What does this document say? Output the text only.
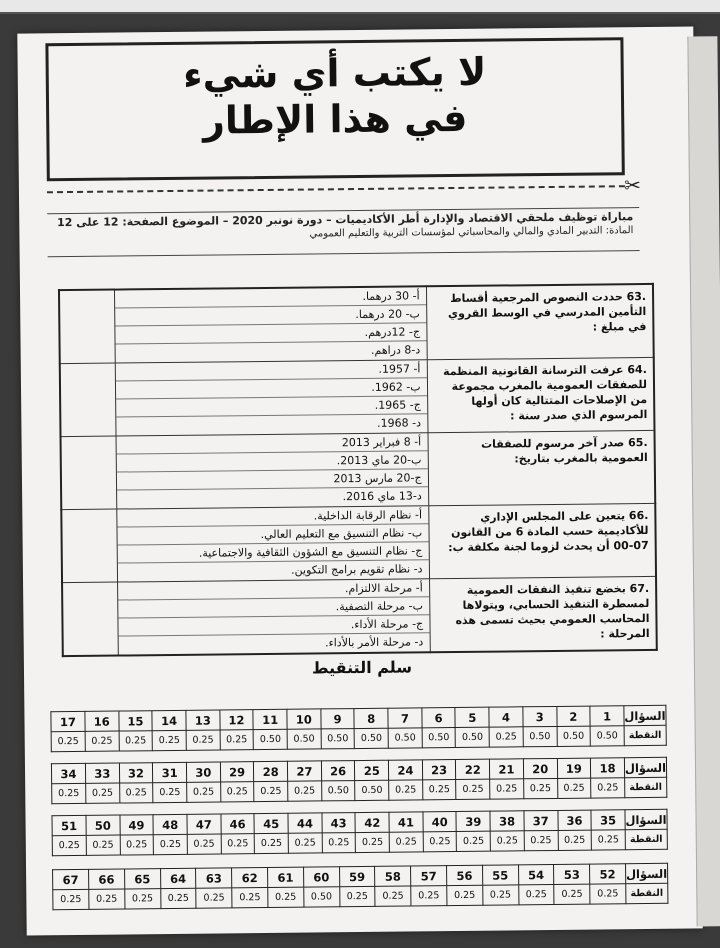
لا يكتب أي شيء
في هذا الإطار
✂
مباراة توظيف ملحقي الاقتصاد والإدارة أطر الأكاديميات – دورة نونبر 2020 – الموضوع الصفحة: 12 على 12
المادة: التدبير المادي والمالي والمحاسباتي لمؤسسات التربية والتعليم العمومي
.63 حددت النصوص المرجعية أقساط التأمين المدرسي في الوسط القروي في مبلغ :	أ- 30 درهما.
ب- 20 درهما.
ج- 12درهم.
د-8 دراهم.	

.64 عرفت الترسانة القانونية المنظمة للصفقات العمومية بالمغرب مجموعة من الإصلاحات المتتالية كان أولها المرسوم الذي صدر سنة :	أ- 1957.
ب- 1962.
ج- 1965.
د- 1968.	

.65 صدر آخر مرسوم للصفقات العمومية بالمغرب بتاريخ:	أ- 8 فبراير 2013
ب-20 ماي 2013.
ج-20 مارس 2013
د-13 ماي 2016.	

.66 يتعين على المجلس الإداري للأكاديمية حسب المادة 6 من القانون 07-00 أن يحدث لزوما لجنة مكلفة ب:	أ- نظام الرقابة الداخلية.
ب- نظام التنسيق مع التعليم العالي.
ج- نظام التنسيق مع الشؤون الثقافية والاجتماعية.
د- نظام تقويم برامج التكوين.	

.67 بخضع تنفيذ النفقات العمومية لمسطرة التنفيذ الحسابي، ويتولاها المحاسب العمومي بحيث تسمى هذه المرحلة :	أ- مرحلة الالتزام.
ب- مرحلة التصفية.
ج- مرحلة الأداء.
د- مرحلة الأمر بالأداء.	

سلم التنقيط
السؤال	1	2	3	4	5	6	7	8	9	10	11	12	13	14	15	16	17
النقطة	0.50	0.50	0.50	0.25	0.50	0.50	0.50	0.50	0.50	0.50	0.50	0.25	0.25	0.25	0.25	0.25	0.25
السؤال	18	19	20	21	22	23	24	25	26	27	28	29	30	31	32	33	34
النقطة	0.25	0.25	0.25	0.25	0.25	0.25	0.25	0.50	0.50	0.25	0.25	0.25	0.25	0.25	0.25	0.25	0.25
السؤال	35	36	37	38	39	40	41	42	43	44	45	46	47	48	49	50	51
النقطة	0.25	0.25	0.25	0.25	0.25	0.25	0.25	0.25	0.25	0.25	0.25	0.25	0.25	0.25	0.25	0.25	0.25
السؤال	52	53	54	55	56	57	58	59	60	61	62	63	64	65	66	67
النقطة	0.25	0.25	0.25	0.25	0.25	0.25	0.25	0.25	0.50	0.25	0.25	0.25	0.25	0.25	0.25	0.25
